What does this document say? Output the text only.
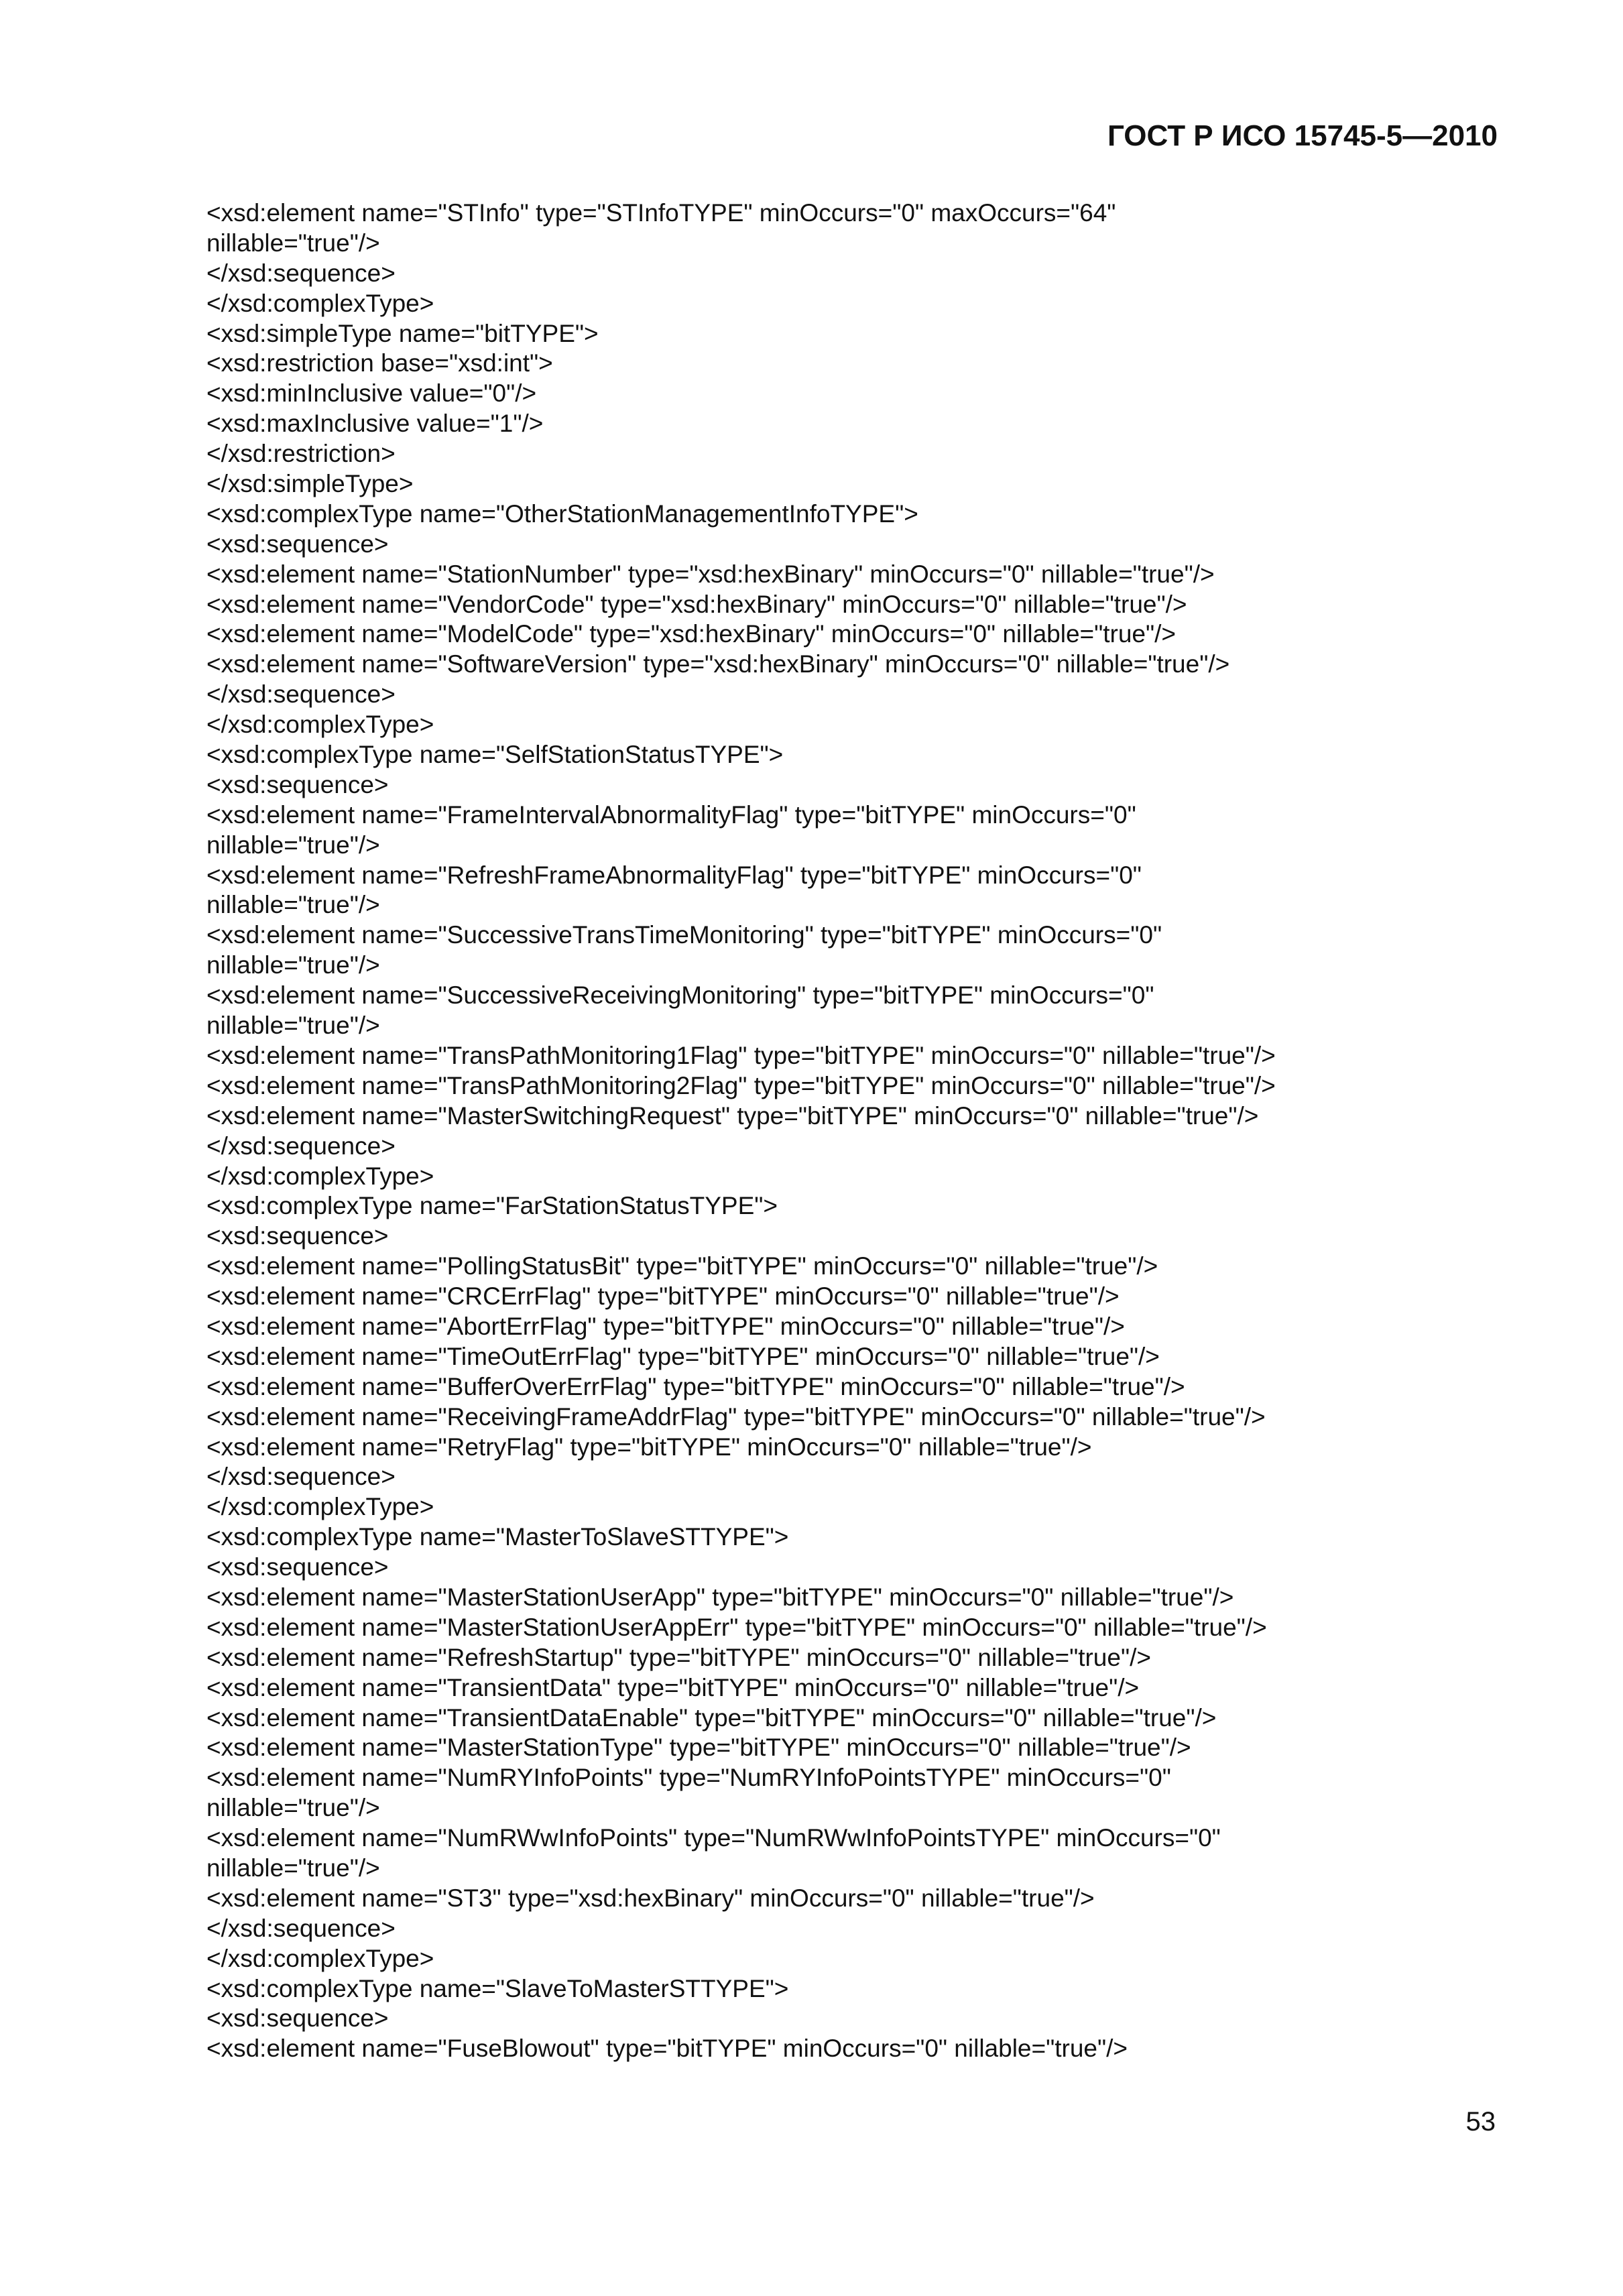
ГОСТ Р ИСО 15745-5—2010
<xsd:element name="STInfo" type="STInfoTYPE" minOccurs="0" maxOccurs="64"
nillable="true"/>
</xsd:sequence>
</xsd:complexType>
<xsd:simpleType name="bitTYPE">
<xsd:restriction base="xsd:int">
<xsd:minInclusive value="0"/>
<xsd:maxInclusive value="1"/>
</xsd:restriction>
</xsd:simpleType>
<xsd:complexType name="OtherStationManagementInfoTYPE">
<xsd:sequence>
<xsd:element name="StationNumber" type="xsd:hexBinary" minOccurs="0" nillable="true"/>
<xsd:element name="VendorCode" type="xsd:hexBinary" minOccurs="0" nillable="true"/>
<xsd:element name="ModelCode" type="xsd:hexBinary" minOccurs="0" nillable="true"/>
<xsd:element name="SoftwareVersion" type="xsd:hexBinary" minOccurs="0" nillable="true"/>
</xsd:sequence>
</xsd:complexType>
<xsd:complexType name="SelfStationStatusTYPE">
<xsd:sequence>
<xsd:element name="FrameIntervalAbnormalityFlag" type="bitTYPE" minOccurs="0"
nillable="true"/>
<xsd:element name="RefreshFrameAbnormalityFlag" type="bitTYPE" minOccurs="0"
nillable="true"/>
<xsd:element name="SuccessiveTransTimeMonitoring" type="bitTYPE" minOccurs="0"
nillable="true"/>
<xsd:element name="SuccessiveReceivingMonitoring" type="bitTYPE" minOccurs="0"
nillable="true"/>
<xsd:element name="TransPathMonitoring1Flag" type="bitTYPE" minOccurs="0" nillable="true"/>
<xsd:element name="TransPathMonitoring2Flag" type="bitTYPE" minOccurs="0" nillable="true"/>
<xsd:element name="MasterSwitchingRequest" type="bitTYPE" minOccurs="0" nillable="true"/>
</xsd:sequence>
</xsd:complexType>
<xsd:complexType name="FarStationStatusTYPE">
<xsd:sequence>
<xsd:element name="PollingStatusBit" type="bitTYPE" minOccurs="0" nillable="true"/>
<xsd:element name="CRCErrFlag" type="bitTYPE" minOccurs="0" nillable="true"/>
<xsd:element name="AbortErrFlag" type="bitTYPE" minOccurs="0" nillable="true"/>
<xsd:element name="TimeOutErrFlag" type="bitTYPE" minOccurs="0" nillable="true"/>
<xsd:element name="BufferOverErrFlag" type="bitTYPE" minOccurs="0" nillable="true"/>
<xsd:element name="ReceivingFrameAddrFlag" type="bitTYPE" minOccurs="0" nillable="true"/>
<xsd:element name="RetryFlag" type="bitTYPE" minOccurs="0" nillable="true"/>
</xsd:sequence>
</xsd:complexType>
<xsd:complexType name="MasterToSlaveSTTYPE">
<xsd:sequence>
<xsd:element name="MasterStationUserApp" type="bitTYPE" minOccurs="0" nillable="true"/>
<xsd:element name="MasterStationUserAppErr" type="bitTYPE" minOccurs="0" nillable="true"/>
<xsd:element name="RefreshStartup" type="bitTYPE" minOccurs="0" nillable="true"/>
<xsd:element name="TransientData" type="bitTYPE" minOccurs="0" nillable="true"/>
<xsd:element name="TransientDataEnable" type="bitTYPE" minOccurs="0" nillable="true"/>
<xsd:element name="MasterStationType" type="bitTYPE" minOccurs="0" nillable="true"/>
<xsd:element name="NumRYInfoPoints" type="NumRYInfoPointsTYPE" minOccurs="0"
nillable="true"/>
<xsd:element name="NumRWwInfoPoints" type="NumRWwInfoPointsTYPE" minOccurs="0"
nillable="true"/>
<xsd:element name="ST3" type="xsd:hexBinary" minOccurs="0" nillable="true"/>
</xsd:sequence>
</xsd:complexType>
<xsd:complexType name="SlaveToMasterSTTYPE">
<xsd:sequence>
<xsd:element name="FuseBlowout" type="bitTYPE" minOccurs="0" nillable="true"/>
53
